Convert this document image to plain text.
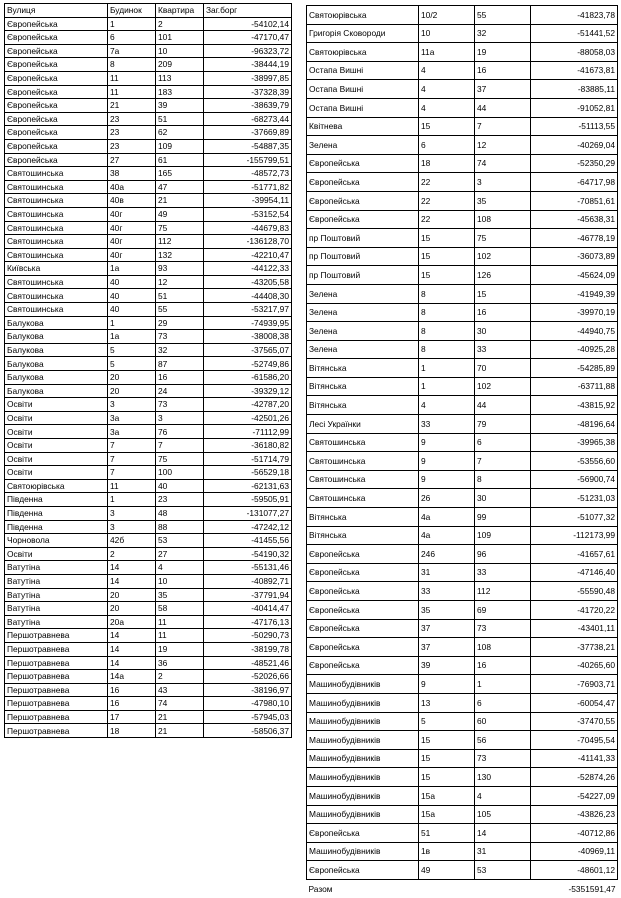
Вулиця	Будинок	Квартира	Заг.борг
Європейська	1	2	-54102,14
Європейська	6	101	-47170,47
Європейська	7а	10	-96323,72
Європейська	8	209	-38444,19
Європейська	11	113	-38997,85
Європейська	11	183	-37328,39
Європейська	21	39	-38639,79
Європейська	23	51	-68273,44
Європейська	23	62	-37669,89
Європейська	23	109	-54887,35
Європейська	27	61	-155799,51
Святошинська	38	165	-48572,73
Святошинська	40а	47	-51771,82
Святошинська	40в	21	-39954,11
Святошинська	40г	49	-53152,54
Святошинська	40г	75	-44679,83
Святошинська	40г	112	-136128,70
Святошинська	40г	132	-42210,47
Київська	1а	93	-44122,33
Святошинська	40	12	-43205,58
Святошинська	40	51	-44408,30
Святошинська	40	55	-53217,97
Балукова	1	29	-74939,95
Балукова	1а	73	-38008,38
Балукова	5	32	-37565,07
Балукова	5	87	-52749,86
Балукова	20	16	-61586,20
Балукова	20	24	-39329,12
Освіти	3	73	-42787,20
Освіти	3а	3	-42501,26
Освіти	3а	76	-71112,99
Освіти	7	7	-36180,82
Освіти	7	75	-51714,79
Освіти	7	100	-56529,18
Святоюрівська	11	40	-62131,63
Південна	1	23	-59505,91
Південна	3	48	-131077,27
Південна	3	88	-47242,12
Чорновола	42б	53	-41455,56
Освіти	2	27	-54190,32
Ватутіна	14	4	-55131,46
Ватутіна	14	10	-40892,71
Ватутіна	20	35	-37791,94
Ватутіна	20	58	-40414,47
Ватутіна	20а	11	-47176,13
Першотравнева	14	11	-50290,73
Першотравнева	14	19	-38199,78
Першотравнева	14	36	-48521,46
Першотравнева	14а	2	-52026,66
Першотравнева	16	43	-38196,97
Першотравнева	16	74	-47980,10
Першотравнева	17	21	-57945,03
Першотравнева	18	21	-58506,37
Святоюрівська	10/2	55	-41823,78
Григорія Сковороди	10	32	-51441,52
Святоюрівська	11а	19	-88058,03
Остапа Вишні	4	16	-41673,81
Остапа Вишні	4	37	-83885,11
Остапа Вишні	4	44	-91052,81
Квітнева	15	7	-51113,55
Зелена	6	12	-40269,04
Європейська	18	74	-52350,29
Європейська	22	3	-64717,98
Європейська	22	35	-70851,61
Європейська	22	108	-45638,31
пр Поштовий	15	75	-46778,19
пр Поштовий	15	102	-36073,89
пр Поштовий	15	126	-45624,09
Зелена	8	15	-41949,39
Зелена	8	16	-39970,19
Зелена	8	30	-44940,75
Зелена	8	33	-40925,28
Вітянська	1	70	-54285,89
Вітянська	1	102	-63711,88
Вітянська	4	44	-43815,92
Лесі Українки	33	79	-48196,64
Святошинська	9	6	-39965,38
Святошинська	9	7	-53556,60
Святошинська	9	8	-56900,74
Святошинська	26	30	-51231,03
Вітянська	4а	99	-51077,32
Вітянська	4а	109	-112173,99
Європейська	246	96	-41657,61
Європейська	31	33	-47146,40
Європейська	33	112	-55590,48
Європейська	35	69	-41720,22
Європейська	37	73	-43401,11
Європейська	37	108	-37738,21
Європейська	39	16	-40265,60
Машинобудівників	9	1	-76903,71
Машинобудівників	13	6	-60054,47
Машинобудівників	5	60	-37470,55
Машинобудівників	15	56	-70495,54
Машинобудівників	15	73	-41141,33
Машинобудівників	15	130	-52874,26
Машинобудівників	15а	4	-54227,09
Машинобудівників	15а	105	-43826,23
Європейська	51	14	-40712,86
Машинобудівників	1в	31	-40969,11
Європейська	49	53	-48601,12
Разом			-5351591,47
